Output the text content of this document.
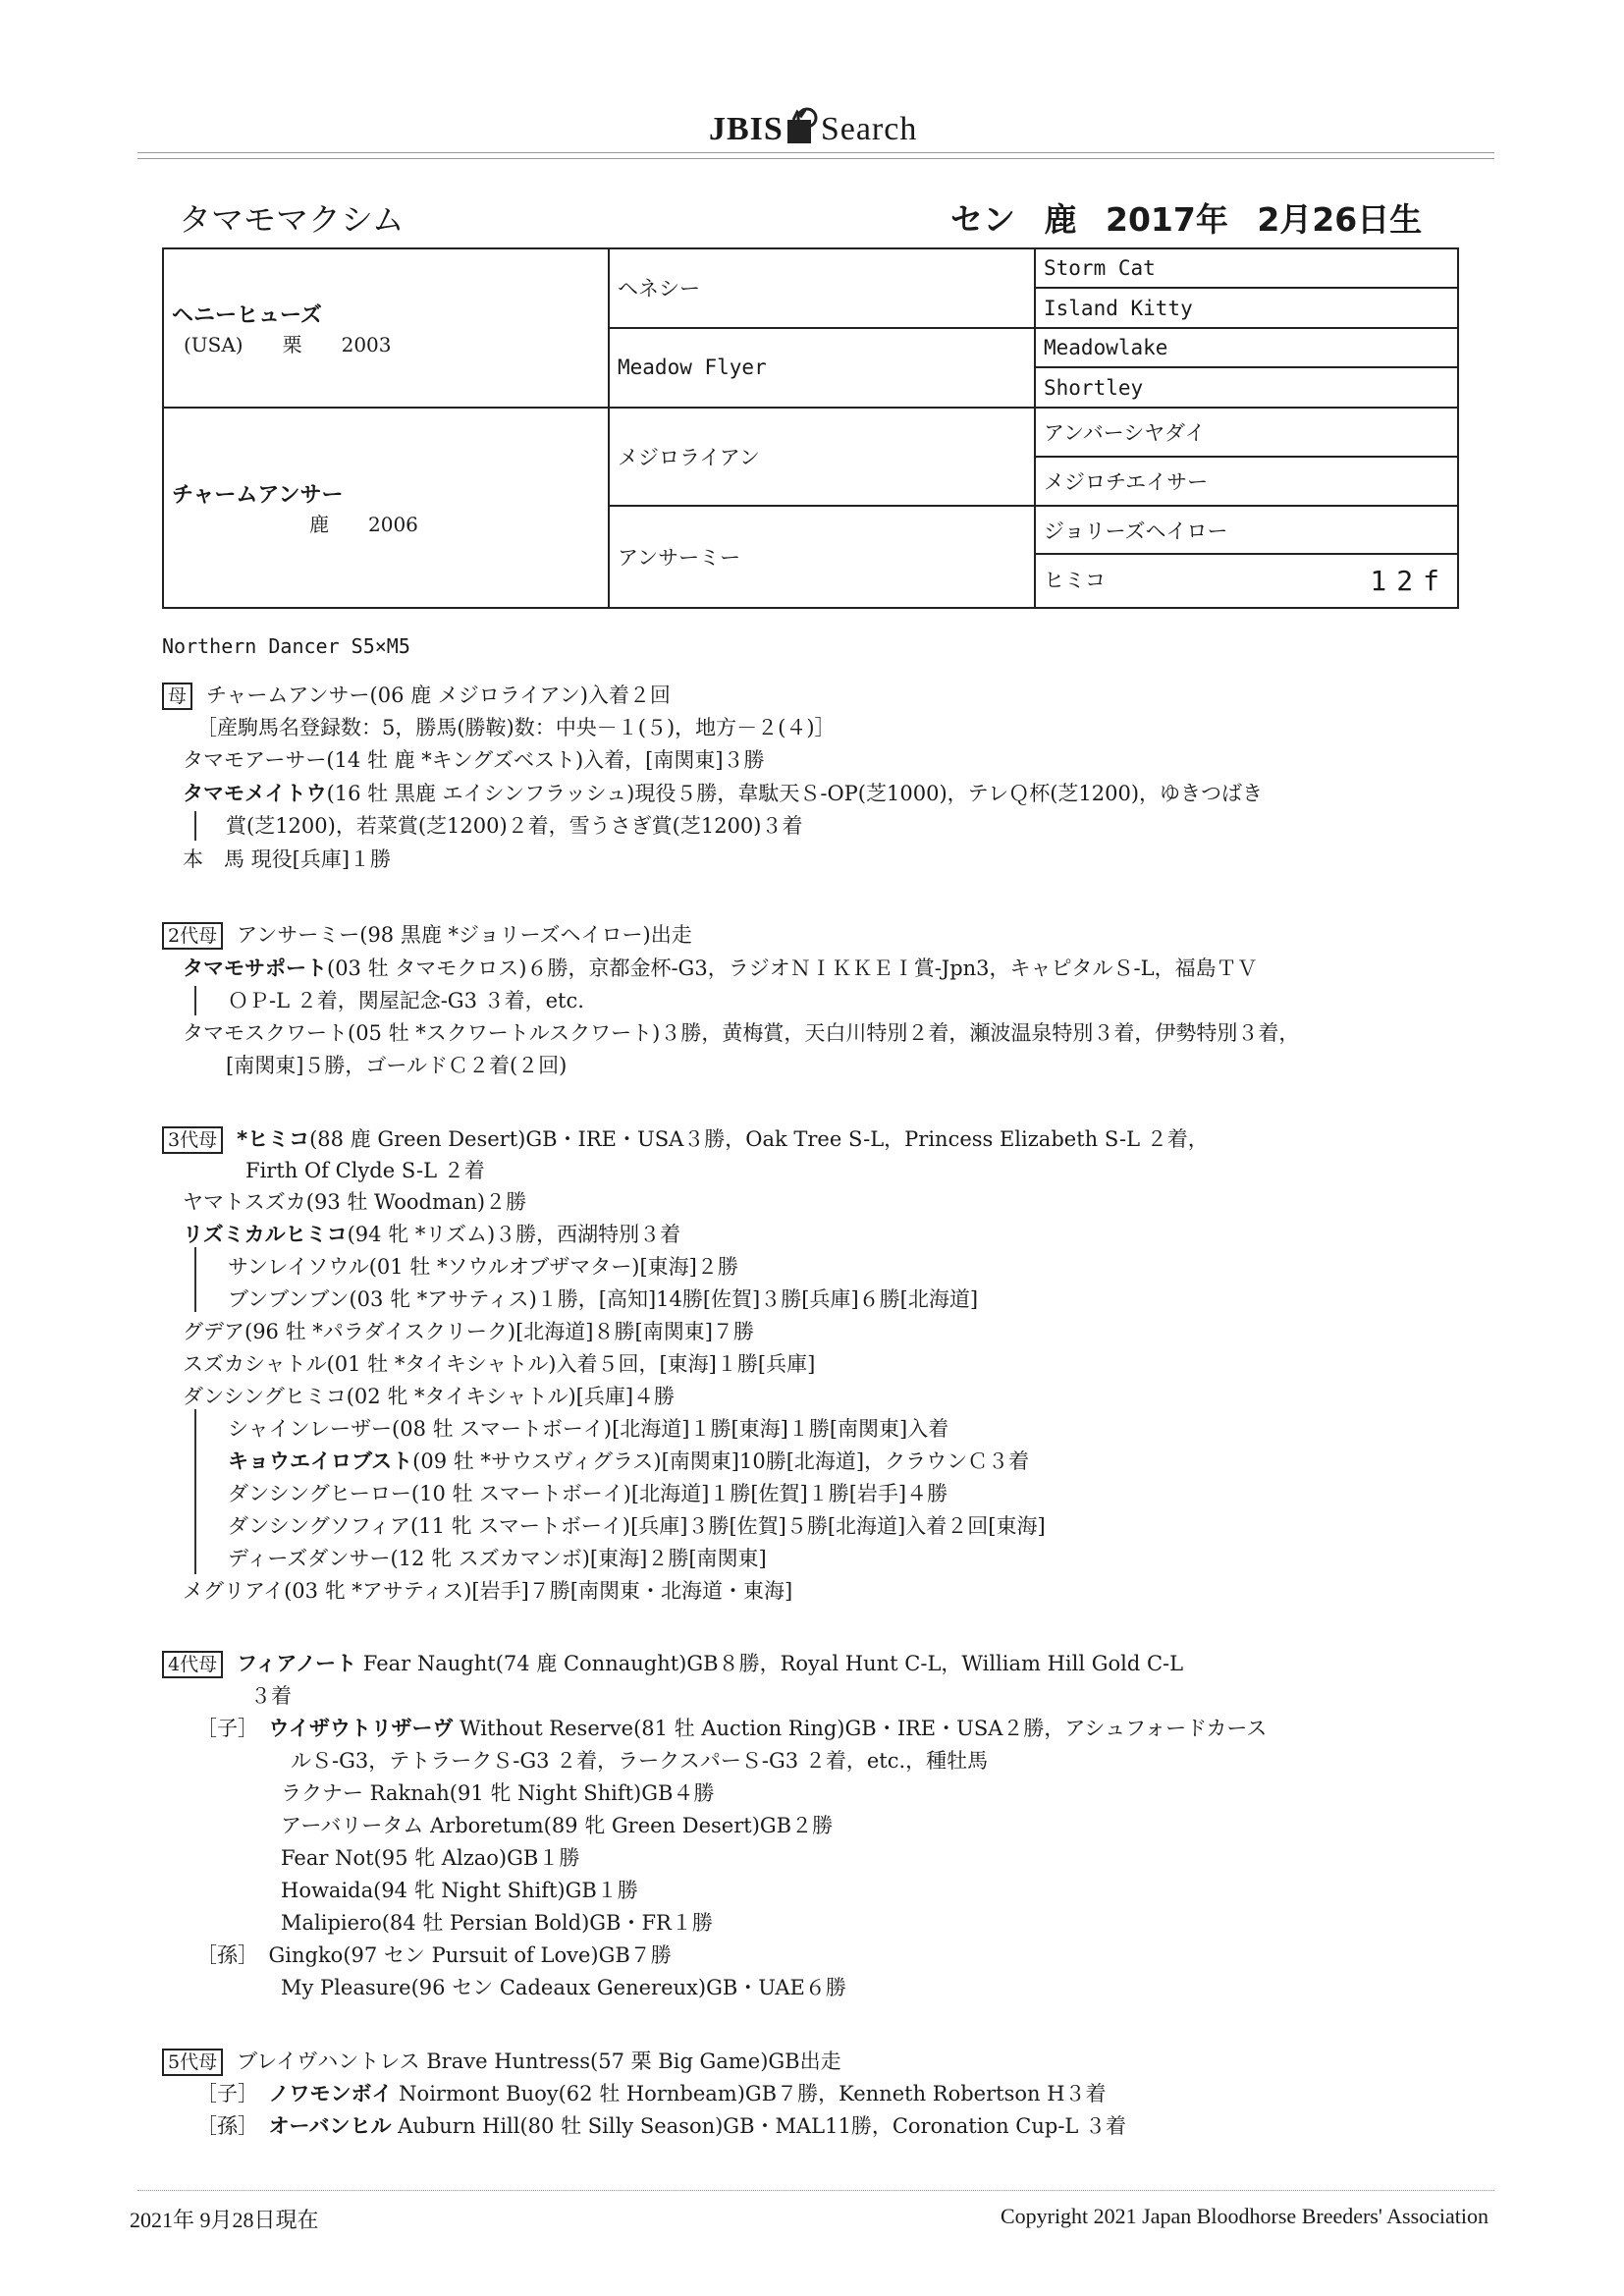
JBIS Search
タマモマクシム	セン 鹿 2017年 2月26日生
ヘニーヒューズ
(USA)　　 栗　　 2003	ヘネシー	Storm Cat
		Island Kitty
	Meadow Flyer	Meadowlake
		Shortley

チャームアンサー
鹿　　 2006	メジロライアン	アンバーシヤダイ
		メジロチエイサー
	アンサーミー	ジョリーズヘイロー
		ヒミコ 12f
Northern Dancer S5×M5
母 チャームアンサー(06 鹿 メジロライアン)入着２回
［産駒馬名登録数：5，勝馬(勝鞍)数：中央－１(５)，地方－２(４)］
タマモアーサー(14 牡 鹿 *キングズベスト)入着，[南関東]３勝
タマモメイトウ(16 牡 黒鹿 エイシンフラッシュ)現役５勝，韋駄天Ｓ-OP(芝1000)，テレＱ杯(芝1200)，ゆきつばき
賞(芝1200)，若菜賞(芝1200)２着，雪うさぎ賞(芝1200)３着
本　馬 現役[兵庫]１勝
2代母 アンサーミー(98 黒鹿 *ジョリーズヘイロー)出走
タマモサポート(03 牡 タマモクロス)６勝，京都金杯-G3，ラジオＮＩＫＫＥＩ賞-Jpn3，キャピタルＳ-L，福島ＴＶ
ＯＰ-L ２着，関屋記念-G3 ３着，etc.
タマモスクワート(05 牡 *スクワートルスクワート)３勝，黄梅賞，天白川特別２着，瀬波温泉特別３着，伊勢特別３着，
[南関東]５勝，ゴールドＣ２着(２回)
3代母 *ヒミコ(88 鹿 Green Desert)GB・IRE・USA３勝，Oak Tree S-L，Princess Elizabeth S-L ２着，
Firth Of Clyde S-L ２着
ヤマトスズカ(93 牡 Woodman)２勝
リズミカルヒミコ(94 牝 *リズム)３勝，西湖特別３着
サンレイソウル(01 牡 *ソウルオブザマター)[東海]２勝
ブンブンブン(03 牝 *アサティス)１勝，[高知]14勝[佐賀]３勝[兵庫]６勝[北海道]
グデア(96 牡 *パラダイスクリーク)[北海道]８勝[南関東]７勝
スズカシャトル(01 牡 *タイキシャトル)入着５回，[東海]１勝[兵庫]
ダンシングヒミコ(02 牝 *タイキシャトル)[兵庫]４勝
シャインレーザー(08 牡 スマートボーイ)[北海道]１勝[東海]１勝[南関東]入着
キョウエイロブスト(09 牡 *サウスヴィグラス)[南関東]10勝[北海道]，クラウンＣ３着
ダンシングヒーロー(10 牡 スマートボーイ)[北海道]１勝[佐賀]１勝[岩手]４勝
ダンシングソフィア(11 牝 スマートボーイ)[兵庫]３勝[佐賀]５勝[北海道]入着２回[東海]
ディーズダンサー(12 牝 スズカマンボ)[東海]２勝[南関東]
メグリアイ(03 牝 *アサティス)[岩手]７勝[南関東・北海道・東海]
4代母 フィアノート Fear Naught(74 鹿 Connaught)GB８勝，Royal Hunt C-L，William Hill Gold C-L
３着
［子］　 ウイザウトリザーヴ Without Reserve(81 牡 Auction Ring)GB・IRE・USA２勝，アシュフォードカース
ルＳ-G3，テトラークＳ-G3 ２着，ラークスパーＳ-G3 ２着，etc.，種牡馬
ラクナー Raknah(91 牝 Night Shift)GB４勝
アーバリータム Arboretum(89 牝 Green Desert)GB２勝
Fear Not(95 牝 Alzao)GB１勝
Howaida(94 牝 Night Shift)GB１勝
Malipiero(84 牡 Persian Bold)GB・FR１勝
［孫］　 Gingko(97 セン Pursuit of Love)GB７勝
My Pleasure(96 セン Cadeaux Genereux)GB・UAE６勝
5代母 ブレイヴハントレス Brave Huntress(57 栗 Big Game)GB出走
［子］　 ノワモンボイ Noirmont Buoy(62 牡 Hornbeam)GB７勝，Kenneth Robertson H３着
［孫］　 オーバンヒル Auburn Hill(80 牡 Silly Season)GB・MAL11勝，Coronation Cup-L ３着
2021年 9月28日現在	Copyright 2021 Japan Bloodhorse Breeders' Association
